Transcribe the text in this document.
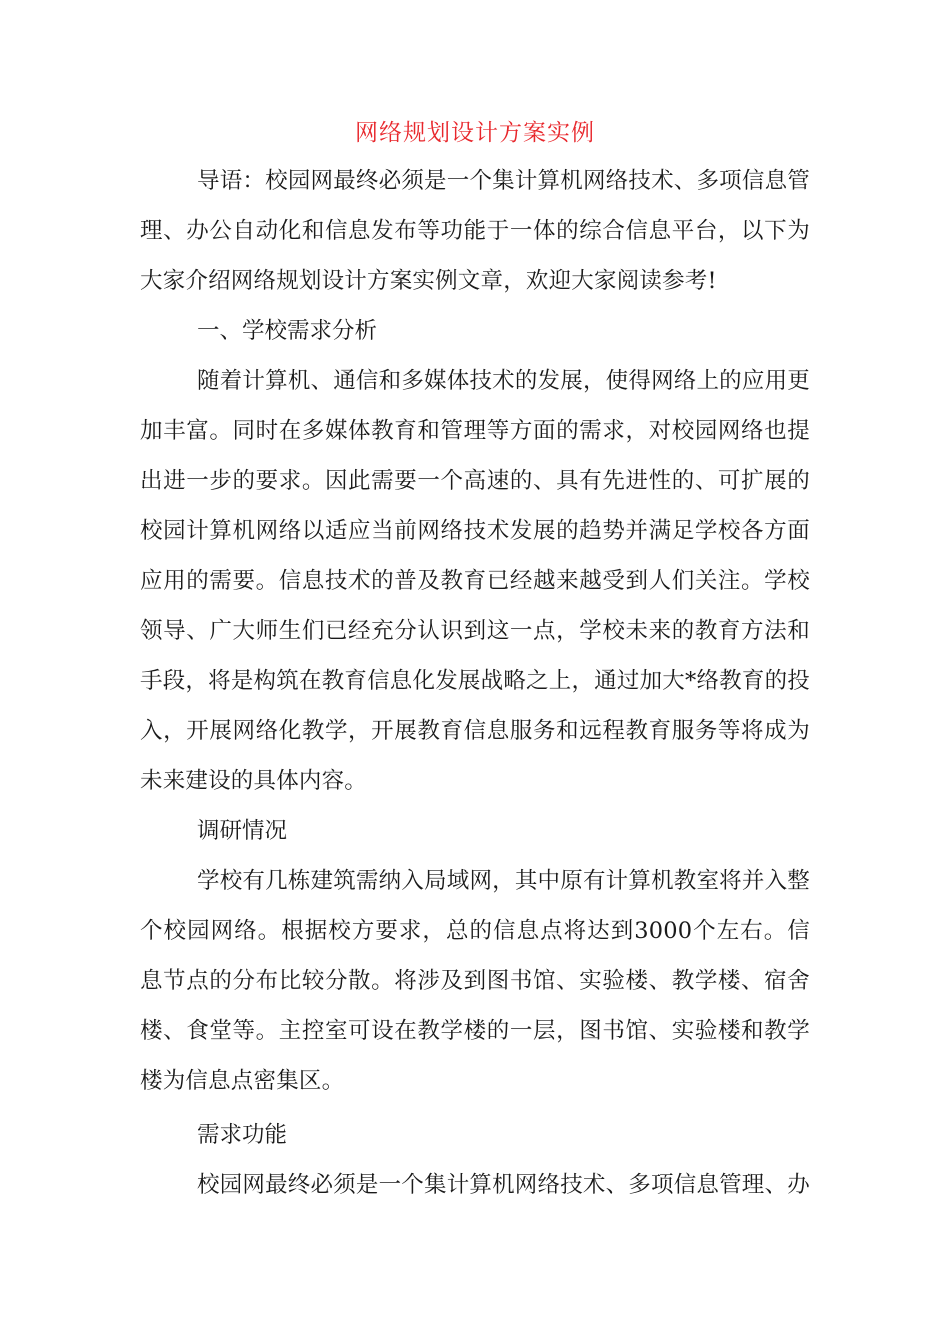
网络规划设计方案实例

导语：校园网最终必须是一个集计算机网络技术、多项信息管理、办公自动化和信息发布等功能于一体的综合信息平台，以下为大家介绍网络规划设计方案实例文章，欢迎大家阅读参考!

一、学校需求分析

随着计算机、通信和多媒体技术的发展，使得网络上的应用更加丰富。同时在多媒体教育和管理等方面的需求，对校园网络也提出进一步的要求。因此需要一个高速的、具有先进性的、可扩展的校园计算机网络以适应当前网络技术发展的趋势并满足学校各方面应用的需要。信息技术的普及教育已经越来越受到人们关注。学校领导、广大师生们已经充分认识到这一点，学校未来的教育方法和手段，将是构筑在教育信息化发展战略之上，通过加大*络教育的投入，开展网络化教学，开展教育信息服务和远程教育服务等将成为未来建设的具体内容。

调研情况

学校有几栋建筑需纳入局域网，其中原有计算机教室将并入整个校园网络。根据校方要求，总的信息点将达到3000个左右。信息节点的分布比较分散。将涉及到图书馆、实验楼、教学楼、宿舍楼、食堂等。主控室可设在教学楼的一层，图书馆、实验楼和教学楼为信息点密集区。

需求功能

校园网最终必须是一个集计算机网络技术、多项信息管理、办
